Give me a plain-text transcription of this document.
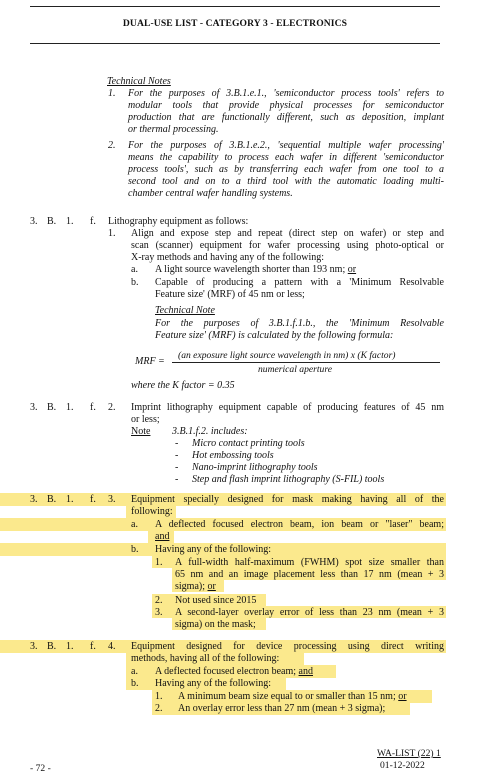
DUAL-USE LIST - CATEGORY 3 - ELECTRONICS
Technical Notes
1. For the purposes of 3.B.1.e.1., 'semiconductor process tools' refers to
modular tools that provide physical processes for semiconductor
production that are functionally different, such as deposition, implant
or thermal processing.
2. For the purposes of 3.B.1.e.2., 'sequential multiple wafer processing'
means the capability to process each wafer in different 'semiconductor
process tools', such as by transferring each wafer from one tool to a
second tool and on to a third tool with the automatic loading multi-
chamber central wafer handling systems.
3. B. 1. f. Lithography equipment as follows:
1. Align and expose step and repeat (direct step on wafer) or step and
scan (scanner) equipment for wafer processing using photo-optical or
X-ray methods and having any of the following:
a. A light source wavelength shorter than 193 nm; or
b. Capable of producing a pattern with a 'Minimum Resolvable
Feature size' (MRF) of 45 nm or less;
Technical Note
For the purposes of 3.B.1.f.1.b., the 'Minimum Resolvable
Feature size' (MRF) is calculated by the following formula:
MRF =
(an exposure light source wavelength in nm) x (K factor)
numerical aperture
where the K factor = 0.35
3. B. 1. f. 2. Imprint lithography equipment capable of producing features of 45 nm
or less;
Note 3.B.1.f.2. includes:
- Micro contact printing tools
- Hot embossing tools
- Nano-imprint lithography tools
- Step and flash imprint lithography (S-FIL) tools
3. B. 1. f. 3. Equipment specially designed for mask making having all of the
following:
a. A deflected focused electron beam, ion beam or "laser" beam;
and
b. Having any of the following:
1. A full-width half-maximum (FWHM) spot size smaller than
65 nm and an image placement less than 17 nm (mean + 3
sigma); or
2. Not used since 2015
3. A second-layer overlay error of less than 23 nm (mean + 3
sigma) on the mask;
3. B. 1. f. 4. Equipment designed for device processing using direct writing
methods, having all of the following:
a. A deflected focused electron beam; and
b. Having any of the following:
1. A minimum beam size equal to or smaller than 15 nm; or
2. An overlay error less than 27 nm (mean + 3 sigma);
- 72 -
WA-LIST (22) 1
01-12-2022
